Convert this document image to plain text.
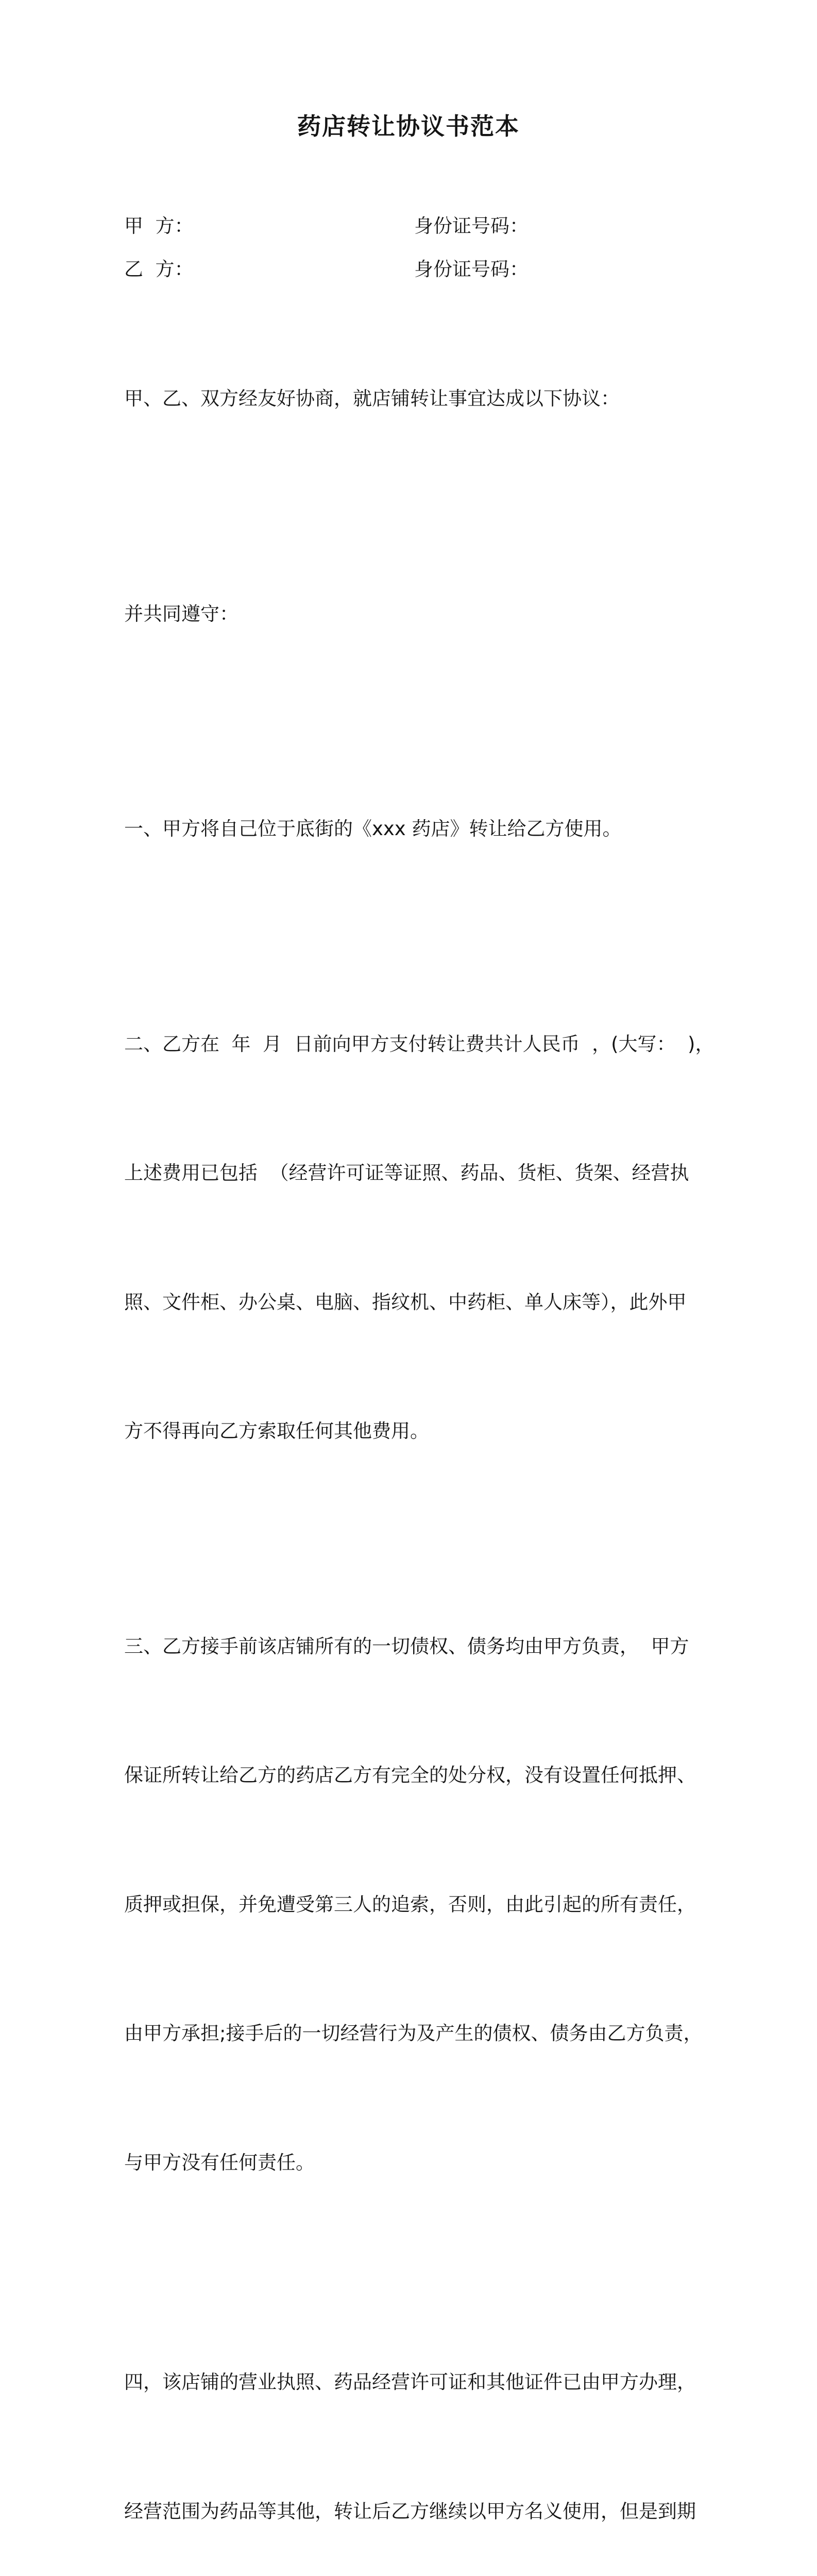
药店转让协议书范本
甲  方：	身份证号码：
乙  方：	身份证号码：

甲、乙、双方经友好协商，就店铺转让事宜达成以下协议：

并共同遵守：

一、甲方将自己位于底街的《xxx 药店》转让给乙方使用。

二、乙方在  年  月  日前向甲方支付转让费共计人民币  ，(大写：  )，

上述费用已包括  （经营许可证等证照、药品、货柜、货架、经营执

照、文件柜、办公桌、电脑、指纹机、中药柜、单人床等），此外甲

方不得再向乙方索取任何其他费用。

三、乙方接手前该店铺所有的一切债权、债务均由甲方负责，  甲方

保证所转让给乙方的药店乙方有完全的处分权，没有设置任何抵押、

质押或担保，并免遭受第三人的追索，否则，由此引起的所有责任，

由甲方承担;接手后的一切经营行为及产生的债权、债务由乙方负责，

与甲方没有任何责任。

四，该店铺的营业执照、药品经营许可证和其他证件已由甲方办理，

经营范围为药品等其他，转让后乙方继续以甲方名义使用，但是到期
